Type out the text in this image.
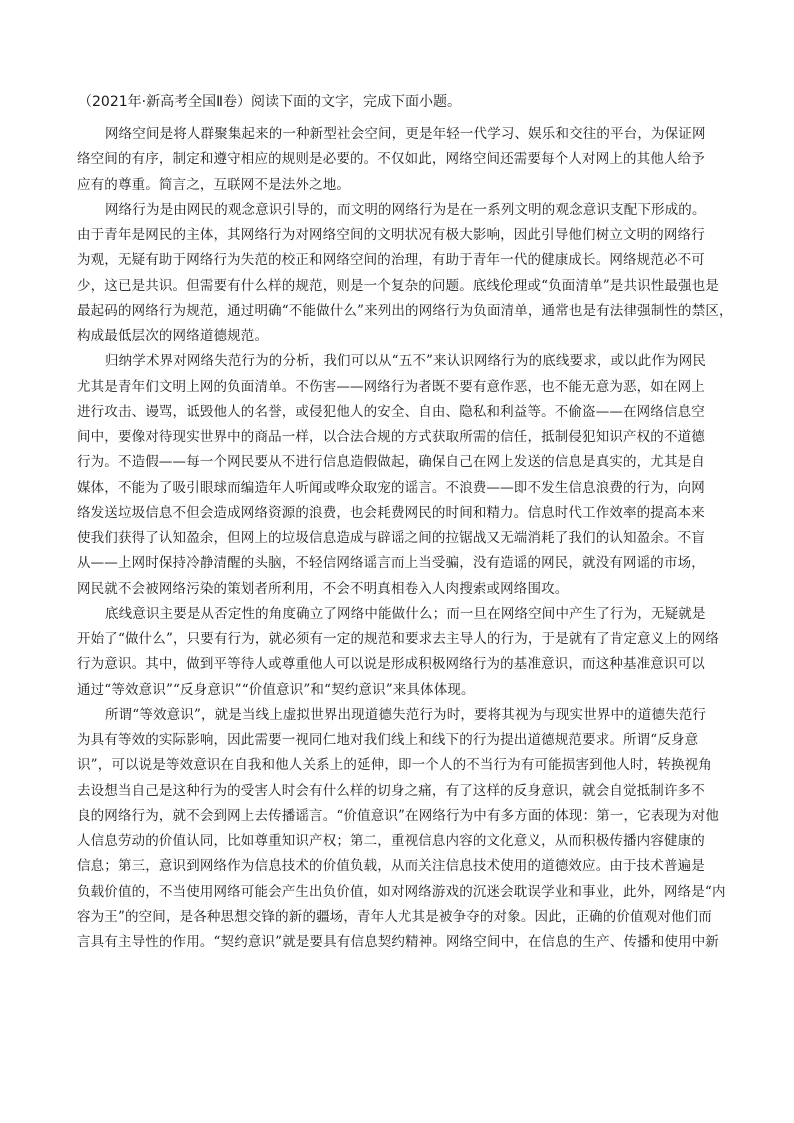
（2021年·新高考全国Ⅱ卷）阅读下面的文字，完成下面小题。
网络空间是将人群聚集起来的一种新型社会空间，更是年轻一代学习、娱乐和交往的平台，为保证网
络空间的有序，制定和遵守相应的规则是必要的。不仅如此，网络空间还需要每个人对网上的其他人给予
应有的尊重。简言之，互联网不是法外之地。
网络行为是由网民的观念意识引导的，而文明的网络行为是在一系列文明的观念意识支配下形成的。
由于青年是网民的主体，其网络行为对网络空间的文明状况有极大影响，因此引导他们树立文明的网络行
为观，无疑有助于网络行为失范的校正和网络空间的治理，有助于青年一代的健康成长。网络规范必不可
少，这已是共识。但需要有什么样的规范，则是一个复杂的问题。底线伦理或“负面清单”是共识性最强也是
最起码的网络行为规范，通过明确“不能做什么”来列出的网络行为负面清单，通常也是有法律强制性的禁区，
构成最低层次的网络道德规范。
归纳学术界对网络失范行为的分析，我们可以从“五不”来认识网络行为的底线要求，或以此作为网民
尤其是青年们文明上网的负面清单。不伤害——网络行为者既不要有意作恶，也不能无意为恶，如在网上
进行攻击、谩骂，诋毁他人的名誉，或侵犯他人的安全、自由、隐私和利益等。不偷盗——在网络信息空
间中，要像对待现实世界中的商品一样，以合法合规的方式获取所需的信任，抵制侵犯知识产权的不道德
行为。不造假——每一个网民要从不进行信息造假做起，确保自己在网上发送的信息是真实的，尤其是自
媒体，不能为了吸引眼球而编造年人听闻或哗众取宠的谣言。不浪费——即不发生信息浪费的行为，向网
络发送垃圾信息不但会造成网络资源的浪费，也会耗费网民的时间和精力。信息时代工作效率的提高本来
使我们获得了认知盈余，但网上的垃圾信息造成与辟谣之间的拉锯战又无端消耗了我们的认知盈余。不盲
从——上网时保持冷静清醒的头脑，不轻信网络谣言而上当受骗，没有造谣的网民，就没有网谣的市场，
网民就不会被网络污染的策划者所利用，不会不明真相卷入人肉搜索或网络围攻。
底线意识主要是从否定性的角度确立了网络中能做什么；而一旦在网络空间中产生了行为，无疑就是
开始了“做什么”，只要有行为，就必须有一定的规范和要求去主导人的行为，于是就有了肯定意义上的网络
行为意识。其中，做到平等待人或尊重他人可以说是形成积极网络行为的基准意识，而这种基准意识可以
通过“等效意识”“反身意识”“价值意识”和“契约意识”来具体体现。
所谓“等效意识”，就是当线上虚拟世界出现道德失范行为时，要将其视为与现实世界中的道德失范行
为具有等效的实际影响，因此需要一视同仁地对我们线上和线下的行为提出道德规范要求。所谓“反身意
识”，可以说是等效意识在自我和他人关系上的延伸，即一个人的不当行为有可能损害到他人时，转换视角
去设想当自己是这种行为的受害人时会有什么样的切身之痛，有了这样的反身意识，就会自觉抵制许多不
良的网络行为，就不会到网上去传播谣言。“价值意识”在网络行为中有多方面的体现：第一，它表现为对他
人信息劳动的价值认同，比如尊重知识产权；第二，重视信息内容的文化意义，从而积极传播内容健康的
信息；第三，意识到网络作为信息技术的价值负载，从而关注信息技术使用的道德效应。由于技术普遍是
负载价值的，不当使用网络可能会产生出负价值，如对网络游戏的沉迷会耽误学业和事业，此外，网络是“内
容为王”的空间，是各种思想交锋的新的疆场，青年人尤其是被争夺的对象。因此，正确的价值观对他们而
言具有主导性的作用。“契约意识”就是要具有信息契约精神。网络空间中，在信息的生产、传播和使用中新
